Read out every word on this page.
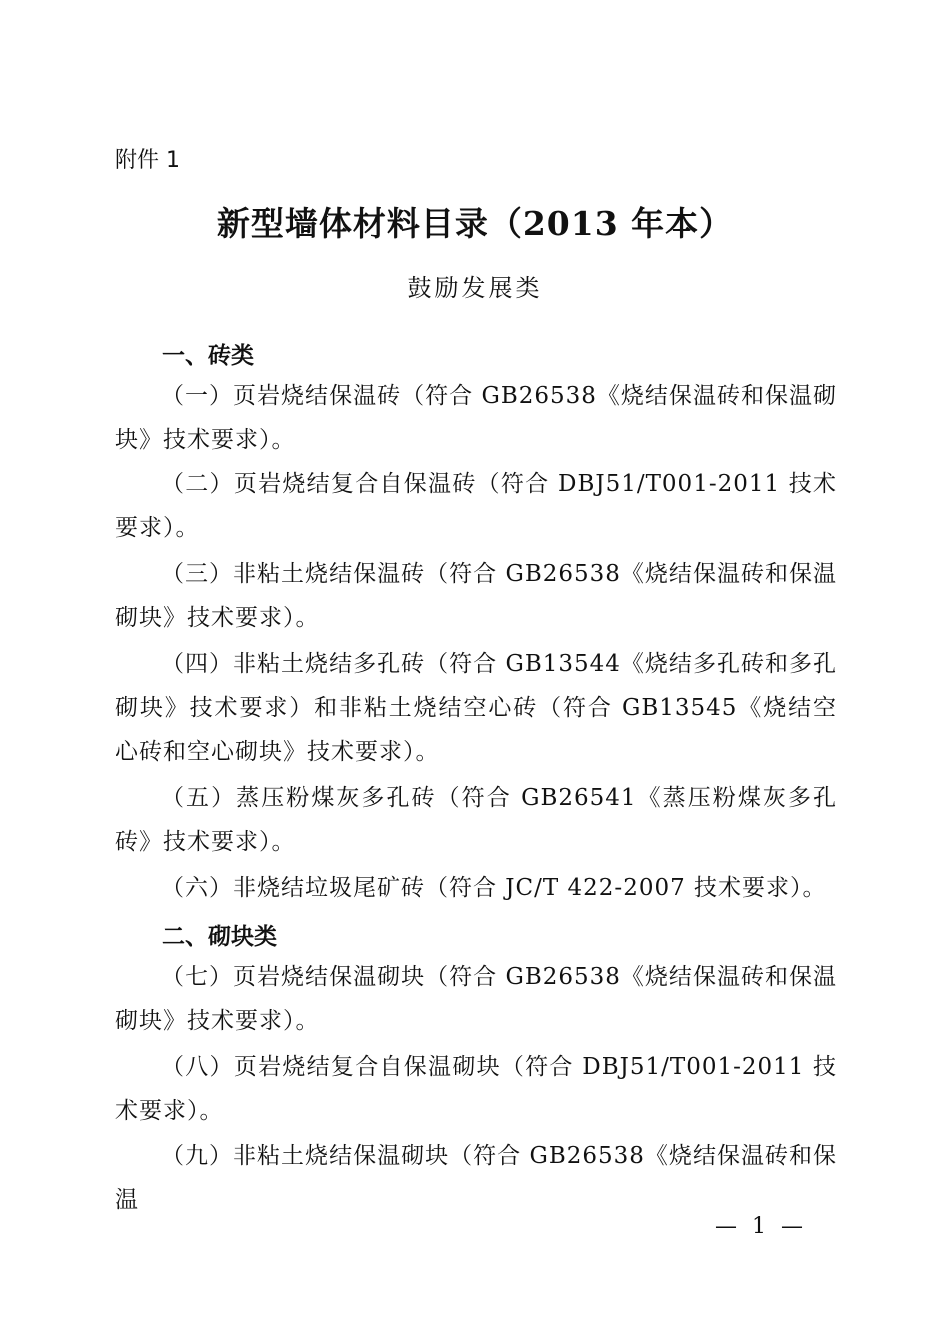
附件 1
新型墙体材料目录（2013 年本）
鼓励发展类
一、砖类
（一）页岩烧结保温砖（符合 GB26538《烧结保温砖和保温砌块》技术要求）。
（二）页岩烧结复合自保温砖（符合 DBJ51/T001-2011 技术要求）。
（三）非粘土烧结保温砖（符合 GB26538《烧结保温砖和保温砌块》技术要求）。
（四）非粘土烧结多孔砖（符合 GB13544《烧结多孔砖和多孔砌块》技术要求）和非粘土烧结空心砖（符合 GB13545《烧结空心砖和空心砌块》技术要求）。
（五）蒸压粉煤灰多孔砖（符合 GB26541《蒸压粉煤灰多孔砖》技术要求）。
（六）非烧结垃圾尾矿砖（符合 JC/T 422-2007 技术要求）。
二、砌块类
（七）页岩烧结保温砌块（符合 GB26538《烧结保温砖和保温砌块》技术要求）。
（八）页岩烧结复合自保温砌块（符合 DBJ51/T001-2011 技术要求）。
（九）非粘土烧结保温砌块（符合 GB26538《烧结保温砖和保温
— 1 —
